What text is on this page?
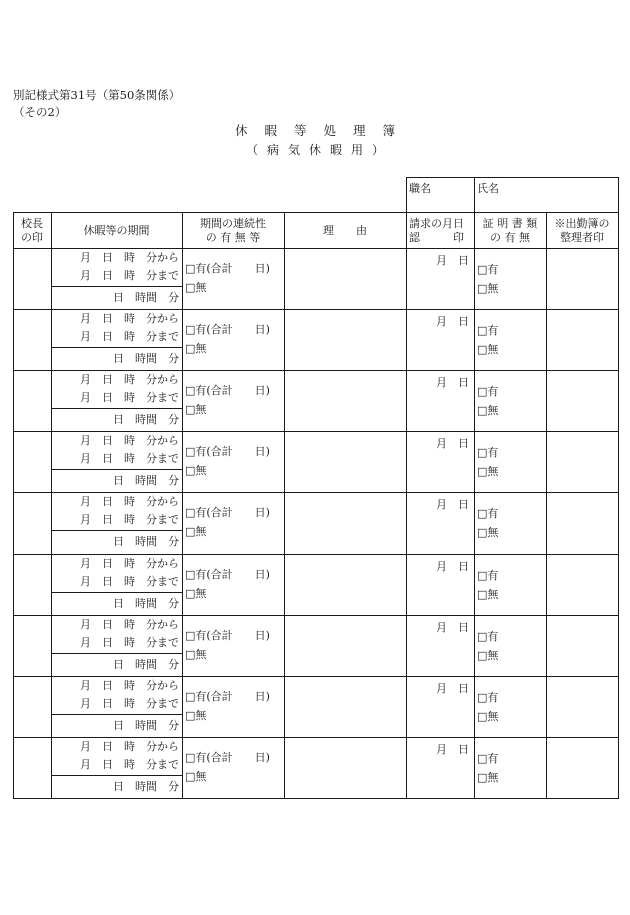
別記様式第31号（第50条関係）
（その2）
休暇等処理簿
（病気休暇用）
職名	氏名
校長
の印
休暇等の期間
期間の連続性
の 有 無 等
理　　由
請求の月日
認　　　印
証 明 書 類
の 有 無
※出勤簿の
整理者印
月　日　時　分から
月　日　時　分まで
日　時間　分
□有(合計　　日)
□無
月　日
□有
□無
月　日　時　分から
月　日　時　分まで
日　時間　分
□有(合計　　日)
□無
月　日
□有
□無
月　日　時　分から
月　日　時　分まで
日　時間　分
□有(合計　　日)
□無
月　日
□有
□無
月　日　時　分から
月　日　時　分まで
日　時間　分
□有(合計　　日)
□無
月　日
□有
□無
月　日　時　分から
月　日　時　分まで
日　時間　分
□有(合計　　日)
□無
月　日
□有
□無
月　日　時　分から
月　日　時　分まで
日　時間　分
□有(合計　　日)
□無
月　日
□有
□無
月　日　時　分から
月　日　時　分まで
日　時間　分
□有(合計　　日)
□無
月　日
□有
□無
月　日　時　分から
月　日　時　分まで
日　時間　分
□有(合計　　日)
□無
月　日
□有
□無
月　日　時　分から
月　日　時　分まで
日　時間　分
□有(合計　　日)
□無
月　日
□有
□無
